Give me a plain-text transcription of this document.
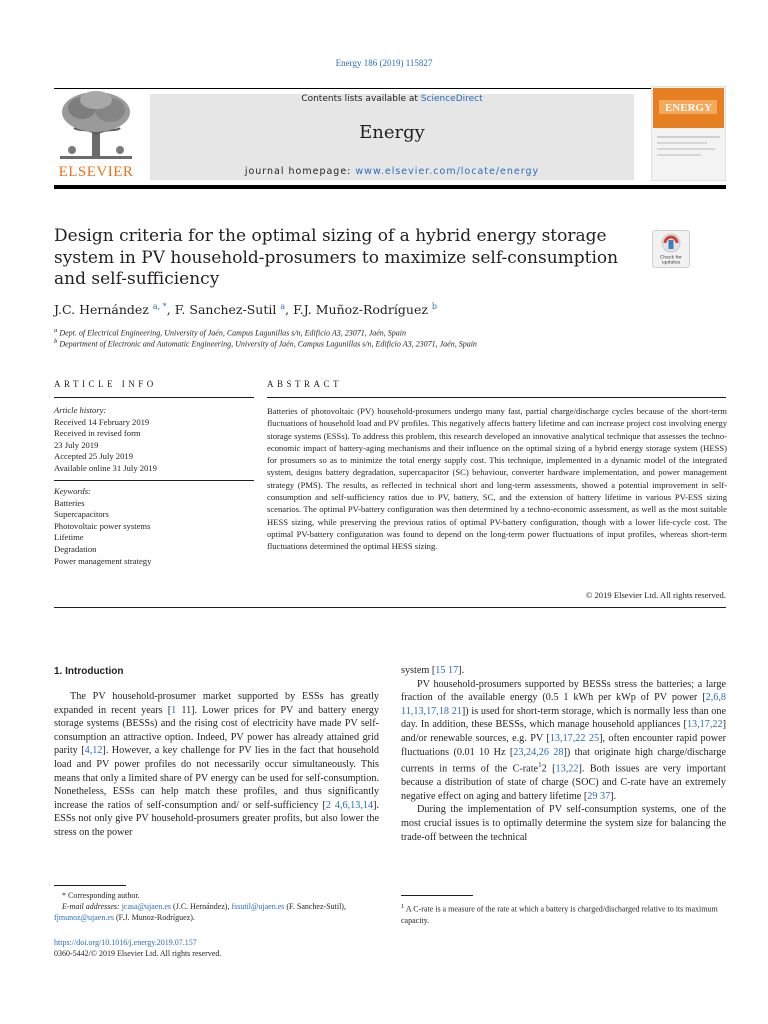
Energy 186 (2019) 115827
ELSEVIER
Contents lists available at ScienceDirect
Energy
journal homepage: www.elsevier.com/locate/energy
ENERGY
Design criteria for the optimal sizing of a hybrid energy storage system in PV household-prosumers to maximize self-consumption and self-sufficiency
Check for
updates
J.C. Hernández $^{a, *}$, F. Sanchez-Sutil $^a$, F.J. Muñoz-Rodríguez $^b$
$^a$ Dept. of Electrical Engineering, University of Jaén, Campus Lagunillas s/n, Edificio A3, 23071, Jaén, Spain
$^b$ Department of Electronic and Automatic Engineering, University of Jaén, Campus Lagunillas s/n, Edificio A3, 23071, Jaén, Spain
ARTICLE INFO	ABSTRACT
Article history:
Received 14 February 2019
Received in revised form
23 July 2019
Accepted 25 July 2019
Available online 31 July 2019
Keywords:
Batteries
Supercapacitors
Photovoltaic power systems
Lifetime
Degradation
Power management strategy
Batteries of photovoltaic (PV) household-prosumers undergo many fast, partial charge/discharge cycles because of the short-term fluctuations of household load and PV profiles. This negatively affects battery lifetime and can increase project cost involving energy storage systems (ESSs). To address this problem, this research developed an innovative analytical technique that assesses the techno-economic impact of battery-aging mechanisms and their influence on the optimal sizing of a hybrid energy storage system (HESS) for prosumers so as to minimize the total energy supply cost. This technique, implemented in a dynamic model of the integrated system, designs battery degradation, supercapacitor (SC) behaviour, converter hardware implementation, and power management strategy (PMS). The results, as reflected in technical short and long-term assessments, showed a potential improvement in self-consumption and self-sufficiency ratios due to PV, battery, SC, and the extension of battery lifetime in various PV-ESS sizing scenarios. The optimal PV-battery configuration was then determined by a techno-economic assessment, as well as the most suitable HESS sizing, while preserving the previous ratios of optimal PV-battery configuration, though with a lower life-cycle cost. The optimal PV-battery configuration was found to depend on the long-term power fluctuations of input profiles, whereas short-term fluctuations determined the optimal HESS sizing.
© 2019 Elsevier Ltd. All rights reserved.
1. Introduction

The PV household-prosumer market supported by ESSs has greatly expanded in recent years [1 11]. Lower prices for PV and battery energy storage systems (BESSs) and the rising cost of electricity have made PV self-consumption an attractive option. Indeed, PV power has already attained grid parity [4,12]. However, a key challenge for PV lies in the fact that household load and PV power profiles do not necessarily occur simultaneously. This means that only a limited share of PV energy can be used for self-consumption. Nonetheless, ESSs can help match these profiles, and thus significantly increase the ratios of self-consumption and/ or self-sufficiency [2 4,6,13,14]. ESSs not only give PV household-prosumers greater profits, but also lower the stress on the power

system [15 17].

PV household-prosumers supported by BESSs stress the batteries; a large fraction of the available energy (0.5 1 kWh per kWp of PV power [2,6,8 11,13,17,18 21]) is used for short-term storage, which is normally less than one day. In addition, these BESSs, which manage household appliances [13,17,22] and/or renewable sources, e.g. PV [13,17,22 25], often encounter rapid power fluctuations (0.01 10 Hz [23,24,26 28]) that originate high charge/discharge currents in terms of the C-rate$^1$2 [13,22]. Both issues are very important because a distribution of state of charge (SOC) and C-rate have an extremely negative effect on aging and battery lifetime [29 37].

During the implementation of PV self-consumption systems, one of the most crucial issues is to optimally determine the system size for balancing the trade-off between the technical

* Corresponding author.
E-mail addresses: jcasa@ujaen.es (J.C. Hernández), fssutil@ujaen.es (F. Sanchez-Sutil), fjmunoz@ujaen.es (F.J. Munoz-Rodríguez).
$^1$ A C-rate is a measure of the rate at which a battery is charged/discharged relative to its maximum capacity.
https://doi.org/10.1016/j.energy.2019.07.157
0360-5442/© 2019 Elsevier Ltd. All rights reserved.
